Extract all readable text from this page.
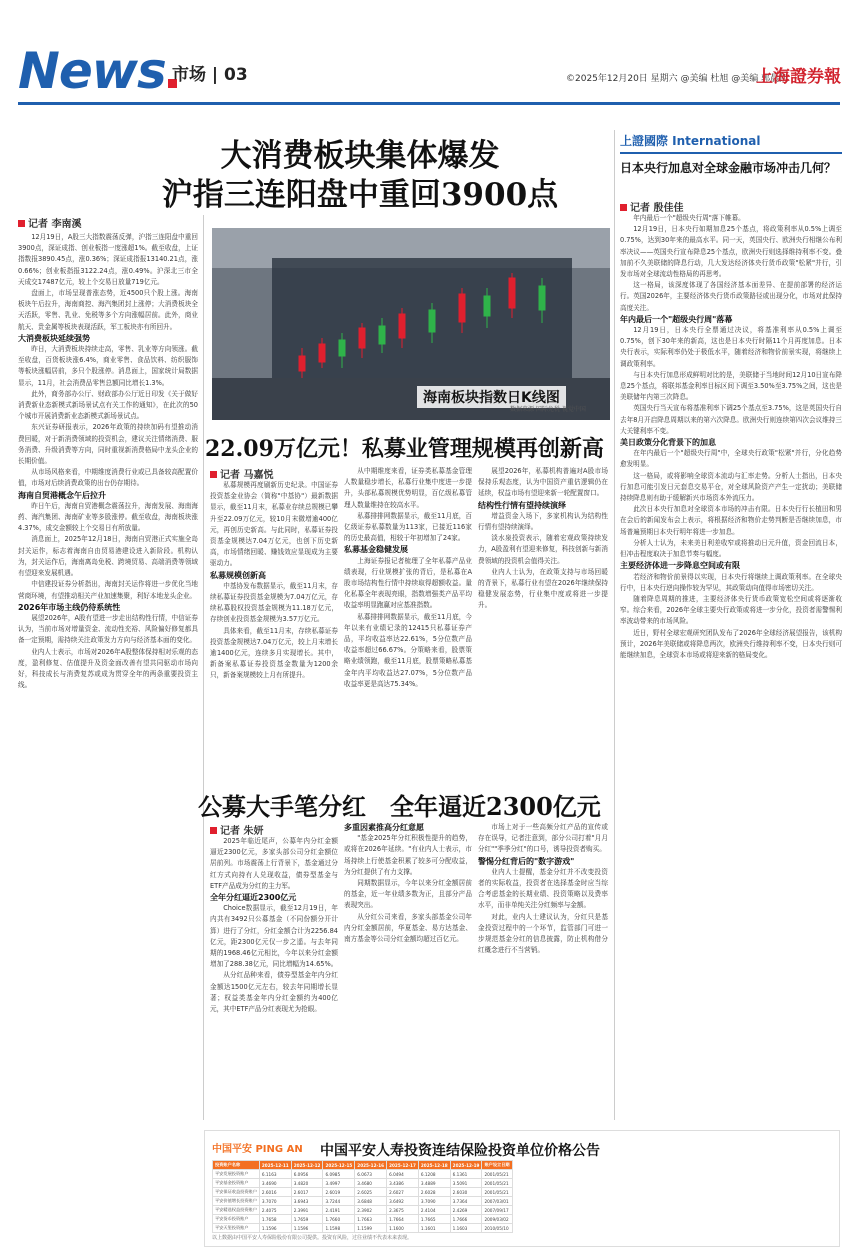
News 市场 | 03	©2025年12月20日 星期六 @美编 杜旭 @美编 郭晨凯
上海證券報
大消费板块集体爆发
沪指三连阳盘中重回3900点
记者 李南溪

12月19日，A股三大指数震荡反弹，沪指三连阳盘中重回3900点，深证成指、创业板指一度涨超1%。截至收盘，上证指数报3890.45点，涨0.36%；深证成指报13140.21点，涨0.66%；创业板指报3122.24点，涨0.49%。沪深北三市全天成交17487亿元，较上个交易日放量719亿元。

盘面上，市场呈现普涨态势，近4500只个股上涨。海南板块午后拉升，海南商控、海汽集团封上涨停；大消费板块全天活跃，零售、乳业、免税等多个方向涨幅居前。此外，商业航天、贵金属等板块表现活跃，军工板块亦有所回升。

大消费板块延续强势

昨日，大消费板块持续走高，零售、乳业等方向领涨。截至收盘，百货板块涨6.4%，商业零售、食品饮料、纺织服饰等板块涨幅居前，多只个股涨停。消息面上，国家统计局数据显示，11月，社会消费品零售总额同比增长1.3%。

此外，商务部办公厅、财政部办公厅近日印发《关于做好消费新业态新模式新场景试点有关工作的通知》，在此次的50个城市开展消费新业态新模式新场景试点。

东兴证券研报表示，2026年政策的持续加码有望推动消费回暖，对于新消费领域的投资机会，建议关注情绪消费、服务消费、升级消费等方向，同时重视新消费格局中龙头企业的长期价值。

从市场风格来看，中期维度消费行业或已具备较高配置价值，市场对后续消费政策的出台仍存期待。

海南自贸港概念午后拉升

昨日午后，海南自贸港概念震荡拉升，海南发展、海南海药、海汽集团、海南矿业等多股涨停。截至收盘，海南板块涨4.37%，成交金额较上个交易日有所放量。

消息面上，2025年12月18日，海南自贸港正式实施全岛封关运作，标志着海南自由贸易港建设进入新阶段。机构认为，封关运作后，海南离岛免税、跨境贸易、高端消费等领域有望迎来发展机遇。

中信建投证券分析指出，海南封关运作将进一步优化当地营商环境，有望推动相关产业加速集聚，利好本地龙头企业。

2026年市场主线仍待系统性

展望2026年，A股有望进一步走出结构性行情，中信证券认为，当前市场对增量资金、流动性充裕、风险偏好修复都具备一定预期，需持续关注政策发力方向与经济基本面的变化。

业内人士表示，市场对2026年A股整体保持相对乐观的态度，盈利修复、估值提升及资金面改善有望共同驱动市场向好，科技成长与消费复苏或成为贯穿全年的两条重要投资主线。

海南板块指数日K线图
数据来源 国际免税 视觉中国
22.09万亿元！私募业管理规模再创新高
记者 马嘉悦

私募规模再度刷新历史纪录。中国证券投资基金业协会（简称"中基协"）最新数据显示，截至11月末，私募业存续总规模已攀升至22.09万亿元，较10月末微增逾400亿元，再创历史新高。与此同时，私募证券投资基金规模达7.04万亿元，也创下历史新高，市场情绪回暖、赚钱效应显现成为主要驱动力。

私募规模创新高

中基协发布数据显示，截至11月末，存续私募证券投资基金规模为7.04万亿元，存续私募股权投资基金规模为11.18万亿元，存续创业投资基金规模为3.57万亿元。

具体来看，截至11月末，存续私募证券投资基金规模达7.04万亿元，较上月末增长逾1400亿元，连续多月实现增长。其中，新备案私募证券投资基金数量为1200余只，新备案规模较上月有所提升。

从中期维度来看，证券类私募基金管理人数量稳步增长，私募行业集中度进一步提升，头部私募规模优势明显，百亿级私募管理人数量维持在较高水平。

私募排排网数据显示，截至11月底，百亿级证券私募数量为113家，已接近116家的历史最高值，相较于年初增加了24家。

私募基金稳健发展

上海证券报记者梳理了全年私募产品业绩表现，行业规模扩张的背后，是私募在A股市场结构性行情中持续取得超额收益。量化私募全年表现亮眼，指数增强类产品平均收益率明显跑赢对应基准指数。

私募排排网数据显示，截至11月底，今年以来有业绩记录的12415只私募证券产品，平均收益率达22.61%，5分位数产品收益率超过66.67%。分策略来看，股票策略业绩领跑，截至11月底，股票策略私募基金年内平均收益达27.07%，5分位数产品收益率更是高达75.34%。

展望2026年，私募机构普遍对A股市场保持乐观态度，认为中国资产重估逻辑仍在延续，权益市场有望迎来新一轮配置窗口。

结构性行情有望持续演绎

增益资金入场下，多家机构认为结构性行情有望持续演绎。

淡水泉投资表示，随着宏观政策持续发力，A股盈利有望迎来修复，科技创新与新消费领域的投资机会值得关注。

业内人士认为，在政策支持与市场回暖的背景下，私募行业有望在2026年继续保持稳健发展态势，行业集中度或将进一步提升。

公募大手笔分红　全年逼近2300亿元
记者 朱妍

2025年临近尾声，公募年内分红金额逼近2300亿元，多家头部公司分红金额位居前列。市场震荡上行背景下，基金通过分红方式向持有人兑现收益，债券型基金与ETF产品成为分红的主力军。

全年分红逼近2300亿元

Choice数据显示，截至12月19日，年内共有3492只公募基金（不同份额分开计算）进行了分红，分红金额合计为2256.84亿元，距2300亿元仅一步之遥。与去年同期的1968.46亿元相比，今年以来分红金额增加了288.38亿元，同比增幅为14.65%。

从分红品种来看，债券型基金年内分红金额达1500亿元左右，较去年同期增长显著；权益类基金年内分红金额约为400亿元，其中ETF产品分红表现尤为抢眼。

多重因素推高分红意愿

"基金2025年分红积极性提升的趋势，或将在2026年延续。"有业内人士表示，市场持续上行使基金积累了较多可分配收益，为分红提供了有力支撑。

同期数据显示，今年以来分红金额居前的基金，近一年业绩多数为正，且部分产品表现突出。

从分红公司来看，多家头部基金公司年内分红金额居前，华夏基金、易方达基金、南方基金等公司分红金额均超过百亿元。

市场上对于一些高频分红产品的宣传或存在误导，记者注意到，部分公司打着"月月分红""季季分红"的口号，诱导投资者购买。

警惕分红背后的"数字游戏"

业内人士提醒，基金分红并不改变投资者的实际收益，投资者在选择基金时应当综合考虑基金的长期业绩、投资策略以及费率水平，而非单纯关注分红频率与金额。

对此，业内人士建议认为，分红只是基金投资过程中的一个环节，监管部门可进一步规范基金分红的信息披露，防止机构借分红概念进行不当营销。

上證國際 International
日本央行加息对全球金融市场冲击几何？
记者 殷佳佳

年内最后一个"超级央行周"落下帷幕。

12月19日，日本央行如期加息25个基点，将政策利率从0.5%上调至0.75%，达到30年来的最高水平。同一天，英国央行、欧洲央行相继公布利率决议——英国央行宣布降息25个基点，欧洲央行则选择维持利率不变。叠加前不久美联储的降息行动，几大发达经济体央行货币政策"松紧"并行，引发市场对全球流动性格局的再思考。

这一格局，该深度体现了各国经济基本面差异、在提前部署的经济运行。英国2026年，主要经济体央行货币政策路径或出现分化，市场对此保持高度关注。

年内最后一个"超级央行周"落幕

12月19日，日本央行全票通过决议，将基准利率从0.5%上调至0.75%，创下30年来的新高，这也是日本央行时隔11个月再度加息。日本央行表示，实际利率仍处于极低水平，随着经济和物价前景实现，将继续上调政策利率。

与日本央行加息形成鲜明对比的是，美联储于当地时间12月10日宣布降息25个基点，将联邦基金利率目标区间下调至3.50%至3.75%之间，这也是美联储年内第三次降息。

英国央行当天宣布将基准利率下调25个基点至3.75%，这是英国央行自去年8月开启降息周期以来的第六次降息。欧洲央行则连续第四次会议维持三大关键利率不变。

美日政策分化背景下的加息

在年内最后一个"超级央行周"中，全球央行政策"松紧"并行，分化趋势愈发明显。

这一格局，或将影响全球资本流动与汇率走势。分析人士指出，日本央行加息可能引发日元套息交易平仓，对全球风险资产产生一定扰动；美联储持续降息则有助于缓解新兴市场资本外流压力。

此次日本央行加息对全球资本市场的冲击有限。日本央行行长植田和男在会后的新闻发布会上表示，将根据经济和物价走势判断是否继续加息，市场普遍预期日本央行明年将进一步加息。

分析人士认为，未来美日利差收窄或将推动日元升值，资金回流日本，但冲击程度取决于加息节奏与幅度。

主要经济体进一步降息空间或有限

若经济和物价前景得以实现，日本央行将继续上调政策利率。在全球央行中，日本央行逆向操作较为罕见，其政策动向值得市场密切关注。

随着降息周期的推进，主要经济体央行货币政策宽松空间或将逐渐收窄。综合来看，2026年全球主要央行政策或将进一步分化，投资者需警惕利率波动带来的市场风险。

近日，野村全球宏观研究团队发布了2026年全球经济展望报告，该机构预计，2026年美联储或将降息两次，欧洲央行维持利率不变，日本央行则可能继续加息，全球资本市场或将迎来新的格局变化。

中国平安 PING AN 中国平安人寿投资连结保险投资单位价格公告
投资账户名称	2025-12-11	2025-12-12	2025-12-15	2025-12-16	2025-12-17	2025-12-18	2025-12-19	账户设立日期
平安发展投资账户	6.1163	6.0956	6.0985	6.0673	6.0494	6.1208	6.1361	2001/05/21
平安基金投资账户	3.4690	3.4820	3.4997	3.4680	3.4386	3.4889	3.5091	2001/05/21
平安保证收益投资账户	2.6016	2.6017	2.6019	2.6025	2.6027	2.6028	2.6030	2001/05/21
平安价值增长投资账户	3.7070	3.6943	3.7244	3.6848	3.6492	3.7090	3.7364	2007/03/01
平安精选权益投资账户	2.4075	2.3991	2.4191	2.3902	2.3675	2.4104	2.4269	2007/09/17
平安货币投资账户	1.7658	1.7659	1.7660	1.7663	1.7664	1.7665	1.7666	2009/03/02
平安天玺投资账户	1.1596	1.1596	1.1598	1.1599	1.1600	1.1601	1.1603	2010/05/10
以上数据由中国平安人寿保险股份有限公司提供。投资有风险，过往业绩不代表未来表现。
